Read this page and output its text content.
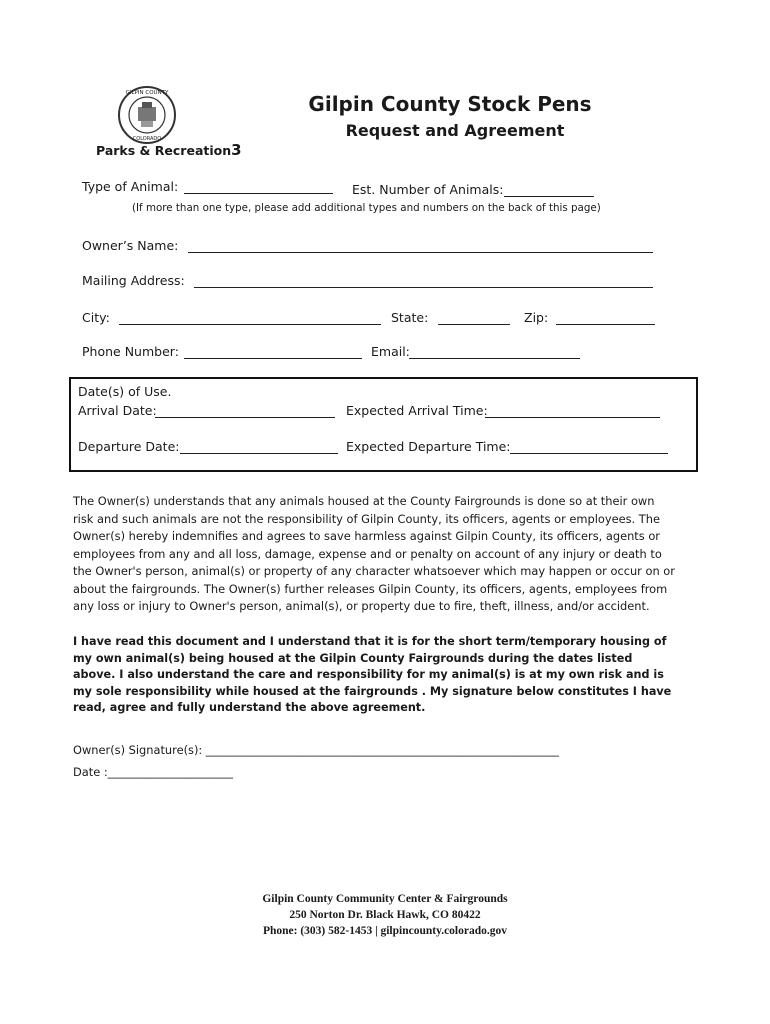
GILPIN COUNTY
COLORADO
Parks & Recreation3
Gilpin County Stock Pens
Request and Agreement
Type of Animal:	Est. Number of Animals:
(If more than one type, please add additional types and numbers on the back of this page)
Owner’s Name:
Mailing Address:
City:	State:	Zip:
Phone Number:	Email:
Date(s) of Use.
Arrival Date:	Expected Arrival Time:
Departure Date:	Expected Departure Time:
The Owner(s) understands that any animals housed at the County Fairgrounds is done so at their own risk and such animals are not the responsibility of Gilpin County, its officers, agents or employees. The Owner(s) hereby indemnifies and agrees to save harmless against Gilpin County, its officers, agents or employees from any and all loss, damage, expense and or penalty on account of any injury or death to the Owner's person, animal(s) or property of any character whatsoever which may happen or occur on or about the fairgrounds. The Owner(s) further releases Gilpin County, its officers, agents, employees from any loss or injury to Owner's person, animal(s), or property due to fire, theft, illness, and/or accident.
I have read this document and I understand that it is for the short term/temporary housing of my own animal(s) being housed at the Gilpin County Fairgrounds during the dates listed above. I also understand the care and responsibility for my animal(s) is at my own risk and is my sole responsibility while housed at the fairgrounds . My signature below constitutes I have read, agree and fully understand the above agreement.
Owner(s) Signature(s): ______________________________________________________________
Date :______________________
Gilpin County Community Center & Fairgrounds
250 Norton Dr. Black Hawk, CO 80422
Phone: (303) 582-1453 | gilpincounty.colorado.gov
